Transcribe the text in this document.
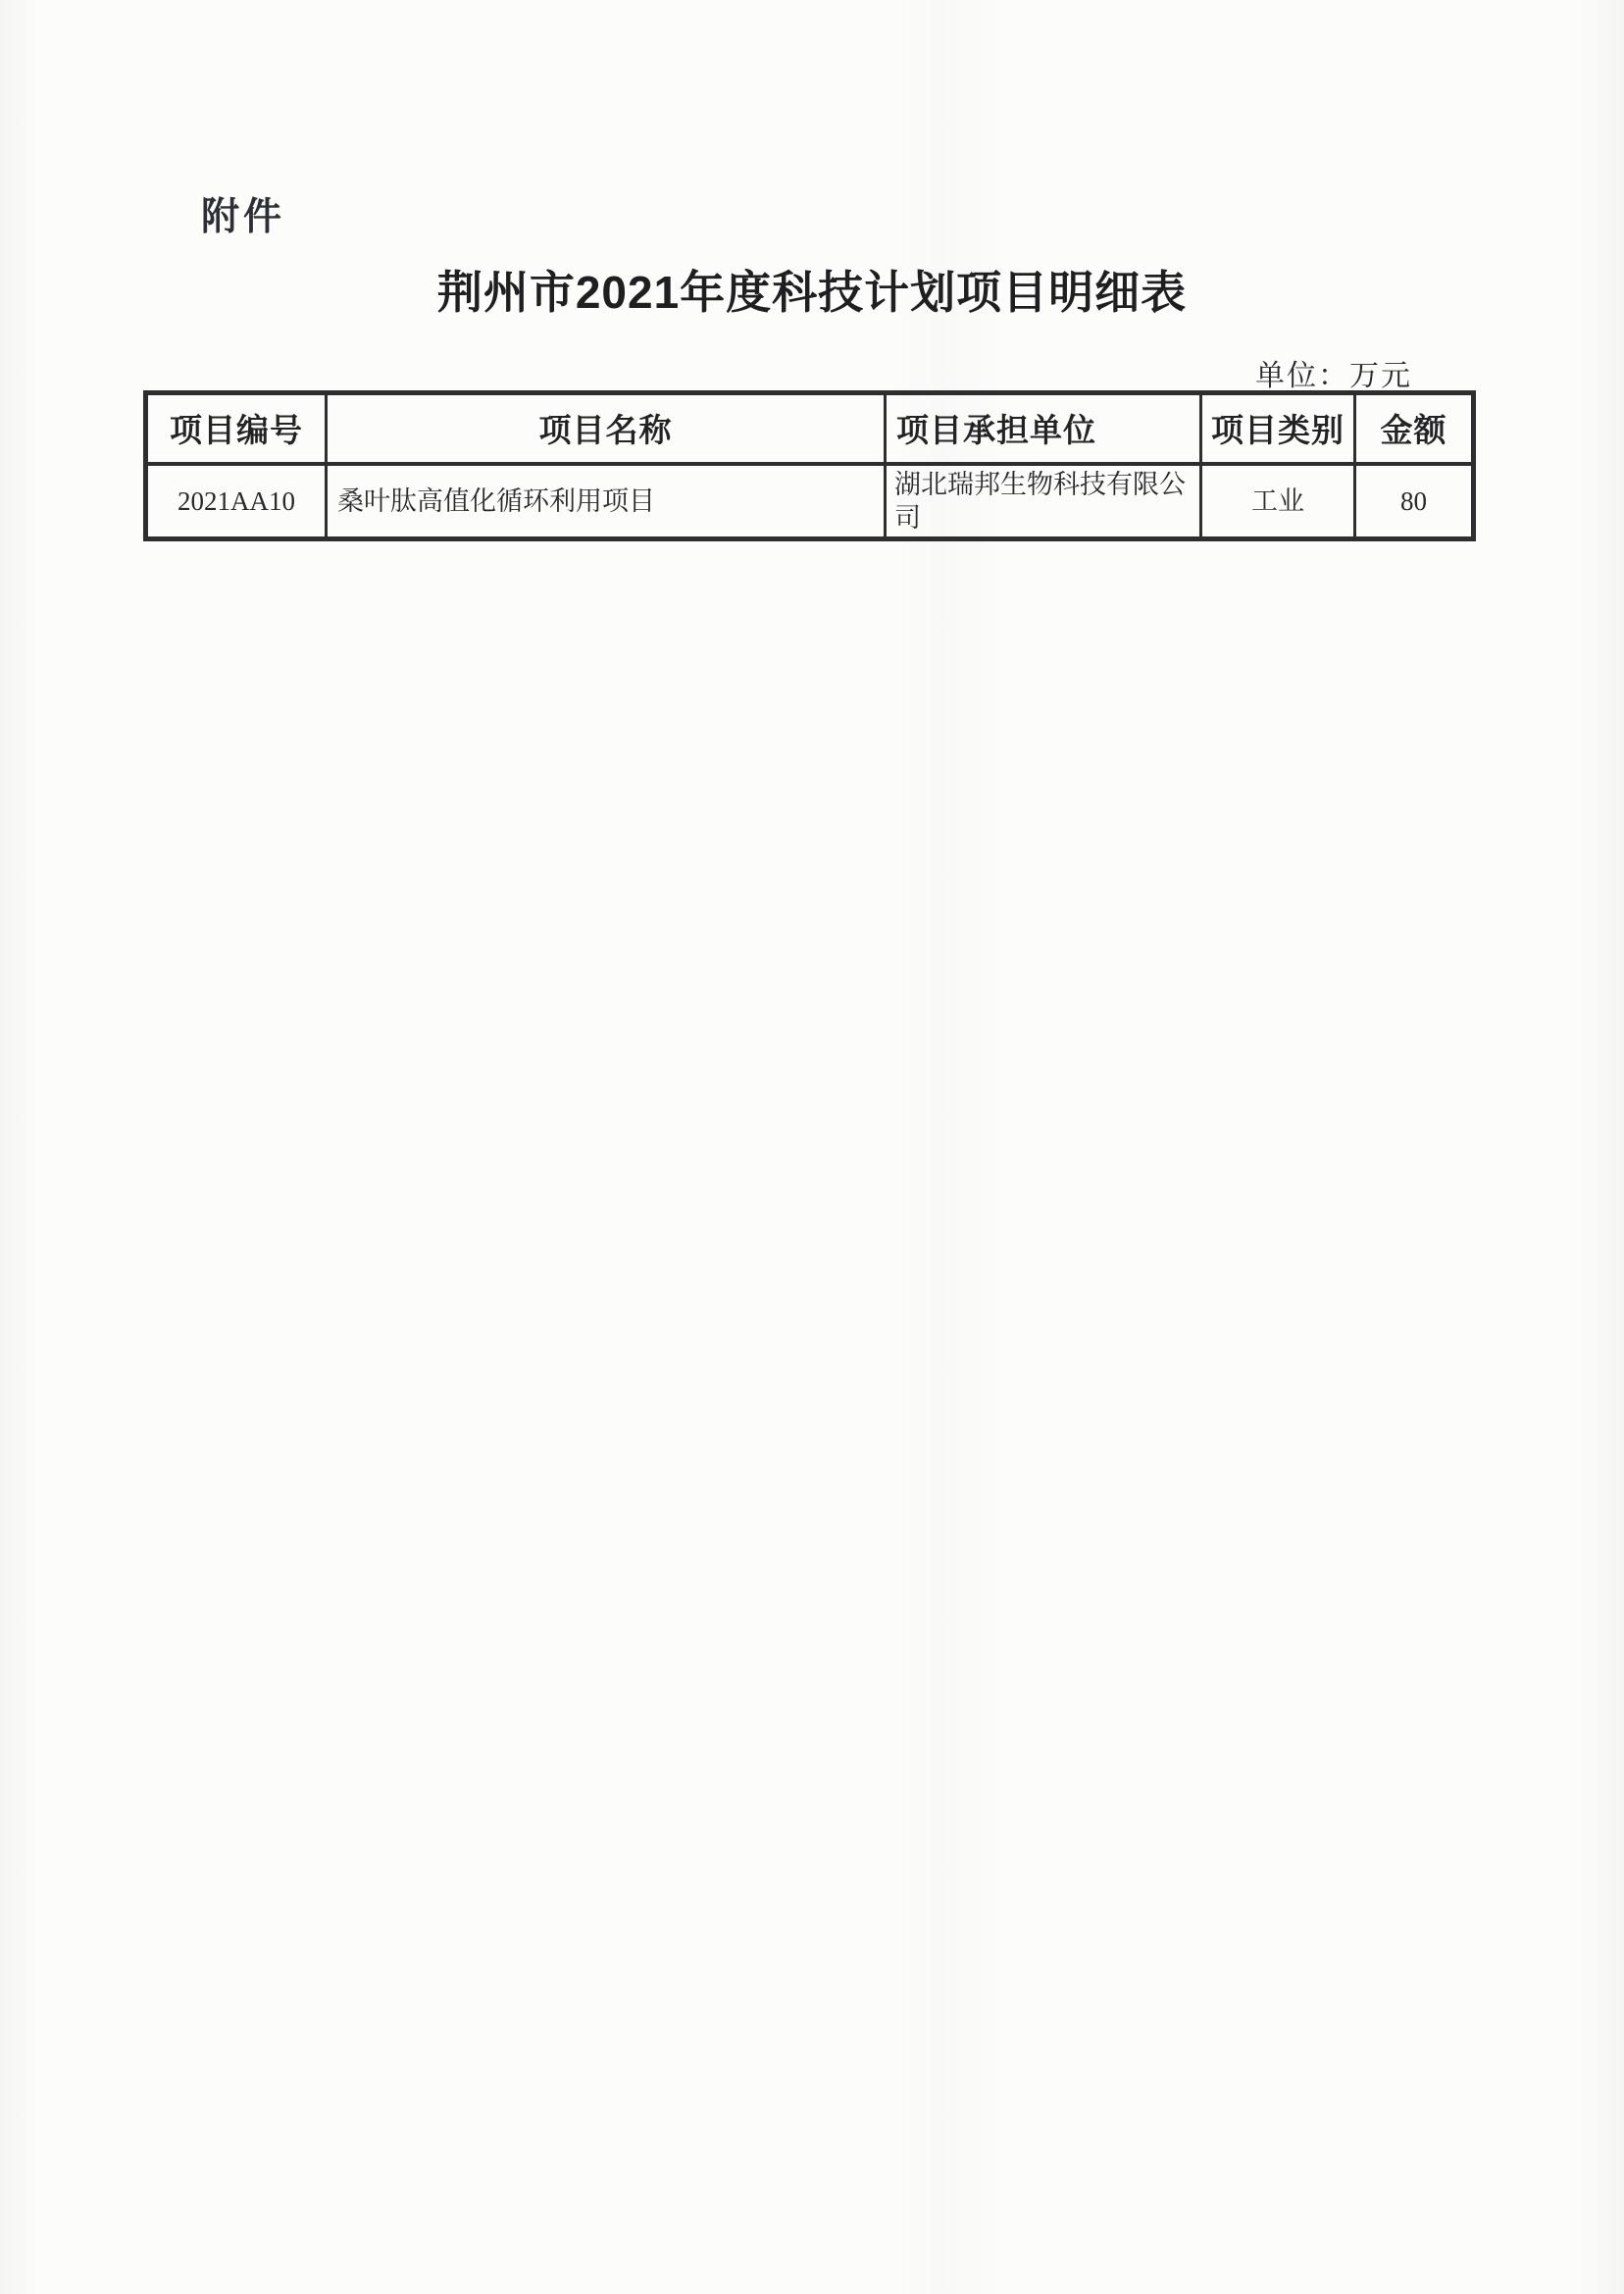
附件
荆州市2021年度科技计划项目明细表
单位：万元
项目编号	项目名称	项目承担单位	项目类别	金额
2021AA10	桑叶肽高值化循环利用项目	湖北瑞邦生物科技有限公司	工业	80
